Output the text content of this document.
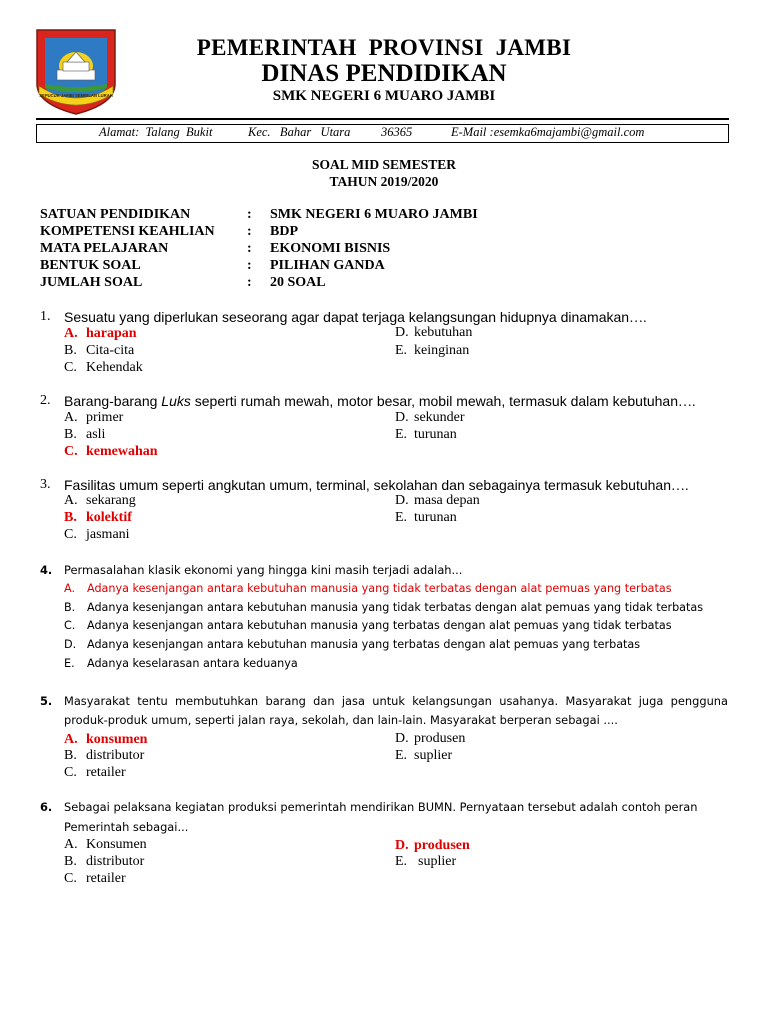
SEPUCUK JAMBI SEMBILAN LURAH
PEMERINTAH  PROVINSI  JAMBI
DINAS PENDIDIKAN
SMK NEGERI 6 MUARO JAMBI
Alamat:  Talang  Bukit	Kec.   Bahar   Utara 36365	E-Mail :esemka6majambi@gmail.com
SOAL MID SEMESTER
TAHUN 2019/2020
SATUAN PENDIDIKAN	: SMK NEGERI 6 MUARO JAMBI
KOMPETENSI KEAHLIAN : BDP
MATA PELAJARAN	: EKONOMI BISNIS
BENTUK SOAL	: PILIHAN GANDA
JUMLAH SOAL	: 20 SOAL
1. Sesuatu yang diperlukan seseorang agar dapat terjaga kelangsungan hidupnya dinamakan….
A. harapan
B. Cita-cita
C. Kehendak
D. kebutuhan
E. keinginan
2. Barang-barang Luks seperti rumah mewah, motor besar, mobil mewah, termasuk dalam kebutuhan….
A. primer
B. asli
C. kemewahan
D. sekunder
E. turunan
3. Fasilitas umum seperti angkutan umum, terminal, sekolahan dan sebagainya termasuk kebutuhan….
A. sekarang
B. kolektif
C. jasmani
D. masa depan
E. turunan
4. Permasalahan klasik ekonomi yang hingga kini masih terjadi adalah...
A. Adanya kesenjangan antara kebutuhan manusia yang tidak terbatas dengan alat pemuas yang terbatas
B. Adanya kesenjangan antara kebutuhan manusia yang tidak terbatas dengan alat pemuas yang tidak terbatas
C. Adanya kesenjangan antara kebutuhan manusia yang terbatas dengan alat pemuas yang tidak terbatas
D. Adanya kesenjangan antara kebutuhan manusia yang terbatas dengan alat pemuas yang terbatas
E. Adanya keselarasan antara keduanya
5. Masyarakat tentu membutuhkan barang dan jasa untuk kelangsungan usahanya. Masyarakat juga pengguna
produk-produk umum, seperti jalan raya, sekolah, dan lain-lain. Masyarakat berperan sebagai ....
A. konsumen
B. distributor
C. retailer
D. produsen
E. suplier
6. Sebagai pelaksana kegiatan produksi pemerintah mendirikan BUMN. Pernyataan tersebut adalah contoh peran
Pemerintah sebagai...
A. Konsumen
B. distributor
C. retailer
D. produsen
E. suplier
